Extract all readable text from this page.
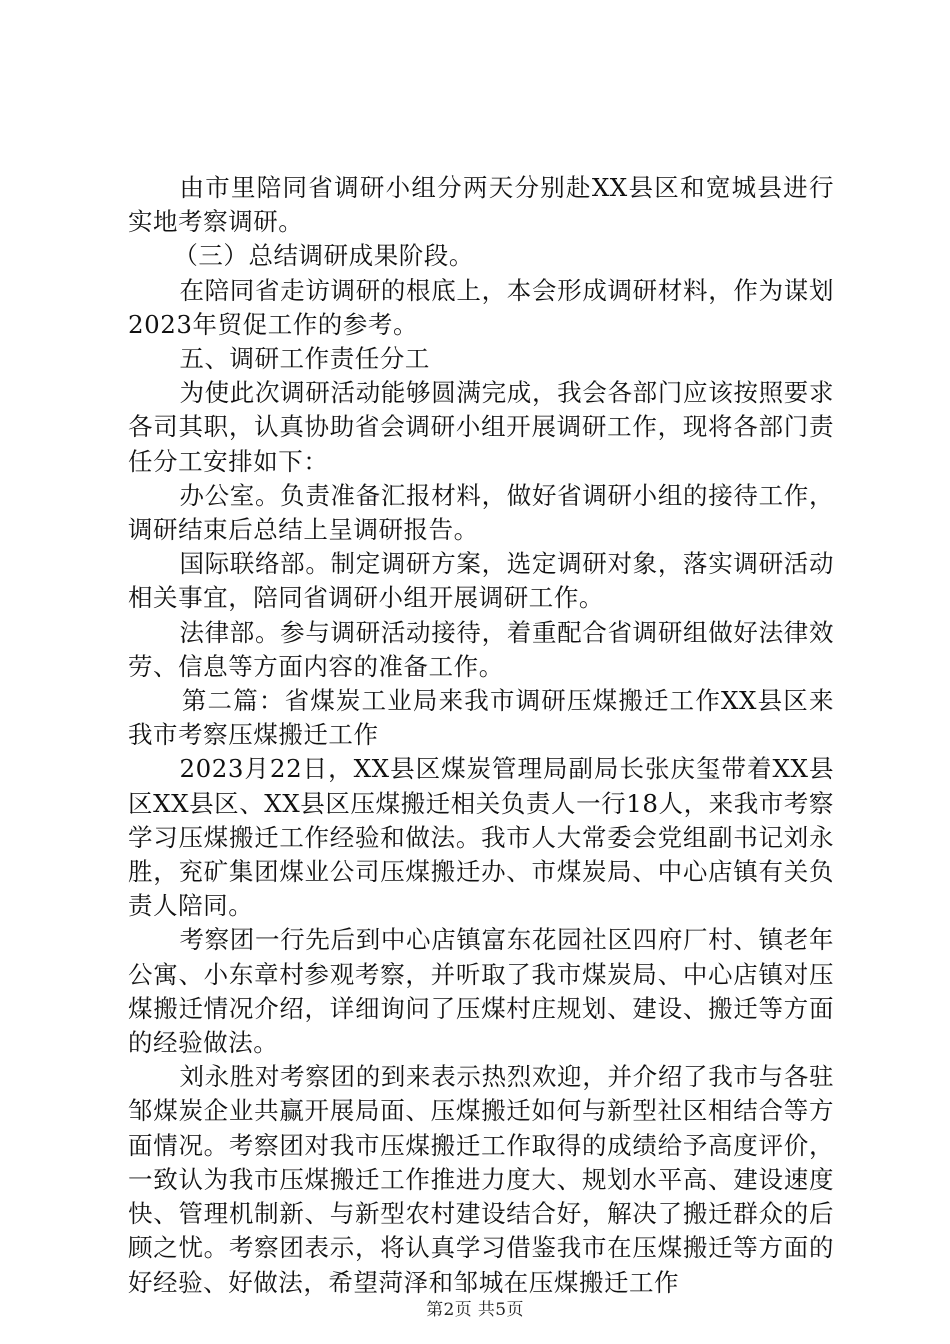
由市里陪同省调研小组分两天分别赴XX县区和宽城县进行实地考察调研。

（三）总结调研成果阶段。

在陪同省走访调研的根底上，本会形成调研材料，作为谋划2023年贸促工作的参考。

五、调研工作责任分工

为使此次调研活动能够圆满完成，我会各部门应该按照要求各司其职，认真协助省会调研小组开展调研工作，现将各部门责任分工安排如下：

办公室。负责准备汇报材料，做好省调研小组的接待工作，调研结束后总结上呈调研报告。

国际联络部。制定调研方案，选定调研对象，落实调研活动相关事宜，陪同省调研小组开展调研工作。

法律部。参与调研活动接待，着重配合省调研组做好法律效劳、信息等方面内容的准备工作。

第二篇：省煤炭工业局来我市调研压煤搬迁工作XX县区来我市考察压煤搬迁工作

2023月22日，XX县区煤炭管理局副局长张庆玺带着XX县区XX县区、XX县区压煤搬迁相关负责人一行18人，来我市考察学习压煤搬迁工作经验和做法。我市人大常委会党组副书记刘永胜，兖矿集团煤业公司压煤搬迁办、市煤炭局、中心店镇有关负责人陪同。

考察团一行先后到中心店镇富东花园社区四府厂村、镇老年公寓、小东章村参观考察，并听取了我市煤炭局、中心店镇对压煤搬迁情况介绍，详细询问了压煤村庄规划、建设、搬迁等方面的经验做法。

刘永胜对考察团的到来表示热烈欢迎，并介绍了我市与各驻邹煤炭企业共赢开展局面、压煤搬迁如何与新型社区相结合等方面情况。考察团对我市压煤搬迁工作取得的成绩给予高度评价，一致认为我市压煤搬迁工作推进力度大、规划水平高、建设速度快、管理机制新、与新型农村建设结合好，解决了搬迁群众的后顾之忧。考察团表示，将认真学习借鉴我市在压煤搬迁等方面的好经验、好做法，希望菏泽和邹城在压煤搬迁工作

第2页 共5页
